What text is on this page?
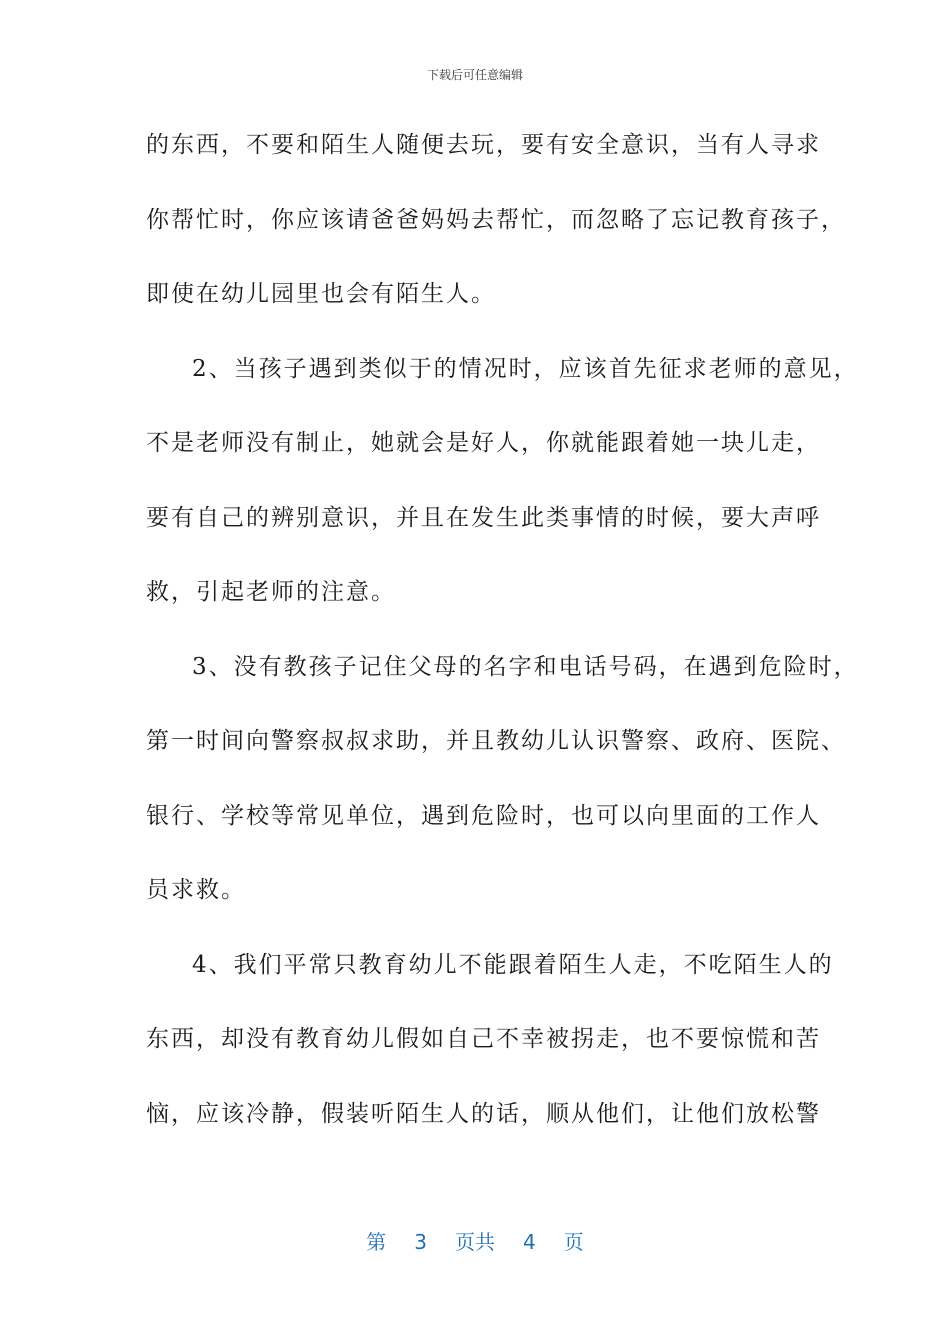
下载后可任意编辑
的东西，不要和陌生人随便去玩，要有安全意识，当有人寻求
你帮忙时，你应该请爸爸妈妈去帮忙，而忽略了忘记教育孩子，
即使在幼儿园里也会有陌生人。
2、当孩子遇到类似于的情况时，应该首先征求老师的意见，
不是老师没有制止，她就会是好人，你就能跟着她一块儿走，
要有自己的辨别意识，并且在发生此类事情的时候，要大声呼
救，引起老师的注意。
3、没有教孩子记住父母的名字和电话号码，在遇到危险时，
第一时间向警察叔叔求助，并且教幼儿认识警察、政府、医院、
银行、学校等常见单位，遇到危险时，也可以向里面的工作人
员求救。
4、我们平常只教育幼儿不能跟着陌生人走，不吃陌生人的
东西，却没有教育幼儿假如自己不幸被拐走，也不要惊慌和苦
恼，应该冷静，假装听陌生人的话，顺从他们，让他们放松警
第 3 页共 4 页
